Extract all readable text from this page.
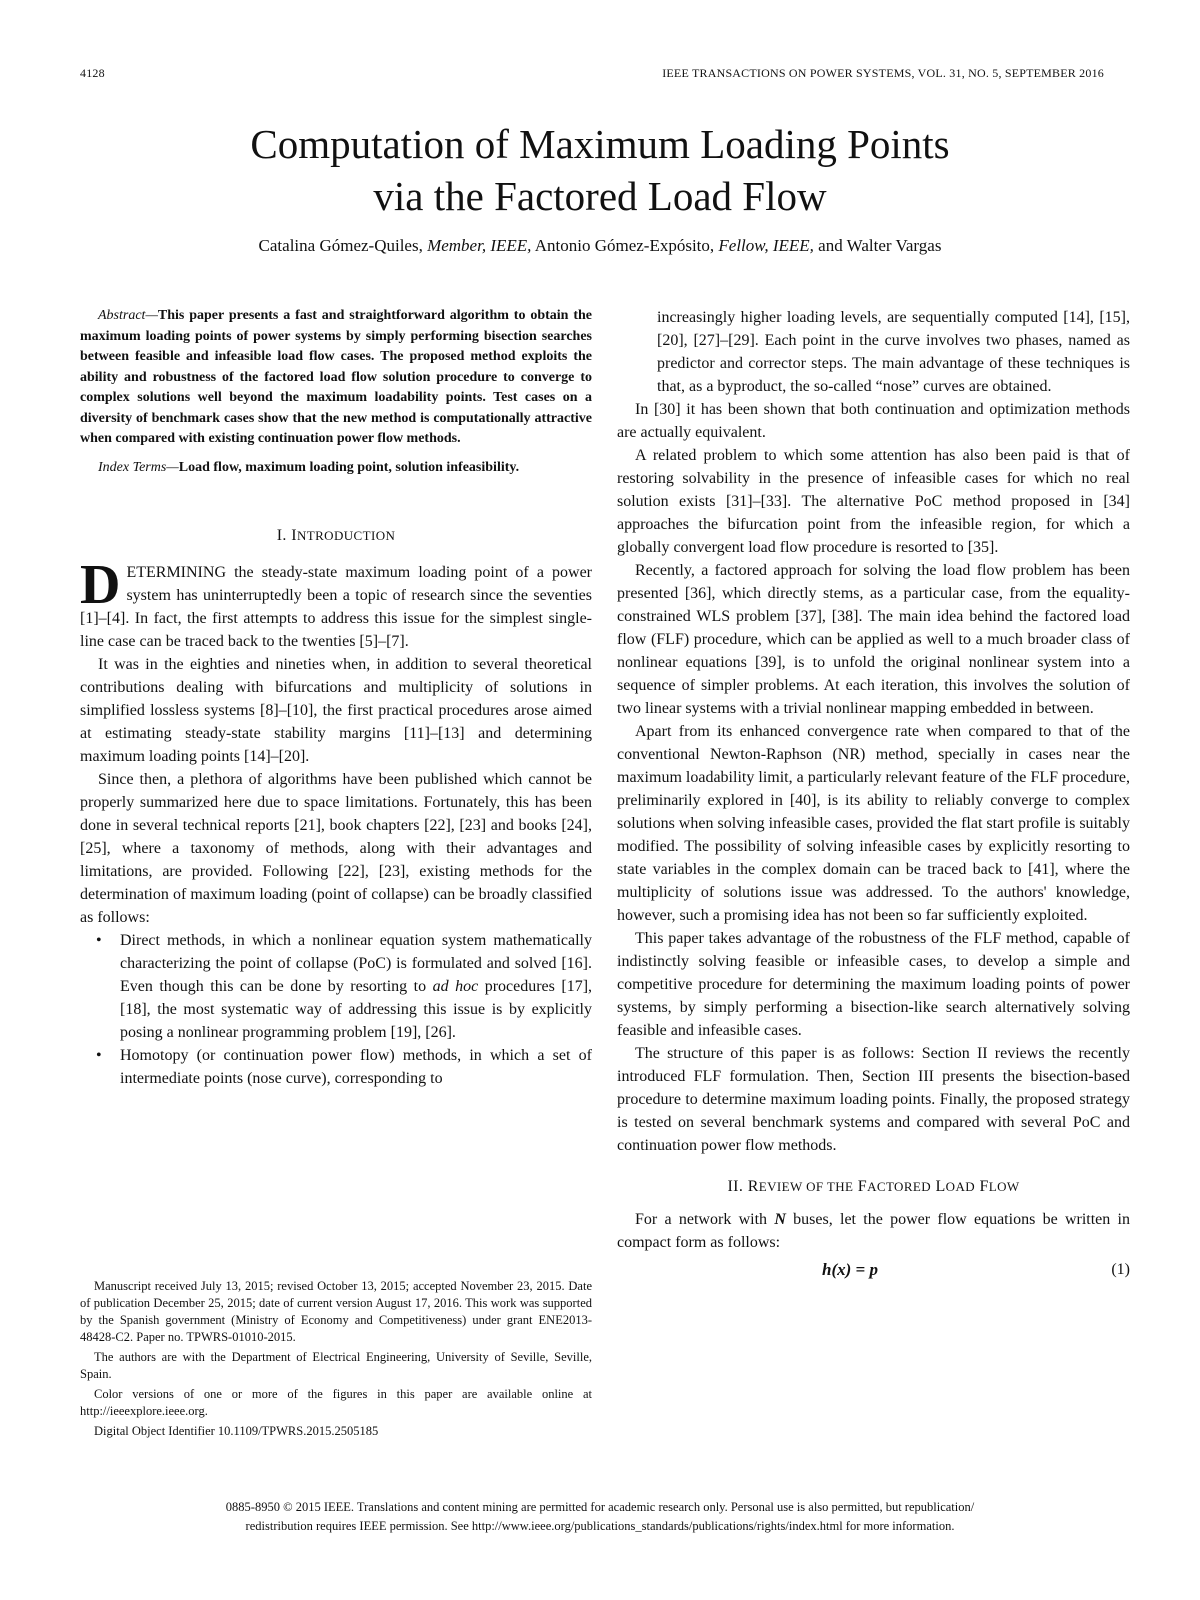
4128	IEEE TRANSACTIONS ON POWER SYSTEMS, VOL. 31, NO. 5, SEPTEMBER 2016
Computation of Maximum Loading Points
via the Factored Load Flow

Catalina Gómez-Quiles, Member, IEEE, Antonio Gómez-Expósito, Fellow, IEEE, and Walter Vargas

Abstract—This paper presents a fast and straightforward algorithm to obtain the maximum loading points of power systems by simply performing bisection searches between feasible and infeasible load flow cases. The proposed method exploits the ability and robustness of the factored load flow solution procedure to converge to complex solutions well beyond the maximum loadability points. Test cases on a diversity of benchmark cases show that the new method is computationally attractive when compared with existing continuation power flow methods.

Index Terms—Load flow, maximum loading point, solution infeasibility.

I. INTRODUCTION

DETERMINING the steady-state maximum loading point of a power system has uninterruptedly been a topic of research since the seventies [1]–[4]. In fact, the first attempts to address this issue for the simplest single-line case can be traced back to the twenties [5]–[7].

It was in the eighties and nineties when, in addition to several theoretical contributions dealing with bifurcations and multiplicity of solutions in simplified lossless systems [8]–[10], the first practical procedures arose aimed at estimating steady-state stability margins [11]–[13] and determining maximum loading points [14]–[20].

Since then, a plethora of algorithms have been published which cannot be properly summarized here due to space limitations. Fortunately, this has been done in several technical reports [21], book chapters [22], [23] and books [24], [25], where a taxonomy of methods, along with their advantages and limitations, are provided. Following [22], [23], existing methods for the determination of maximum loading (point of collapse) can be broadly classified as follows:

• Direct methods, in which a nonlinear equation system mathematically characterizing the point of collapse (PoC) is formulated and solved [16]. Even though this can be done by resorting to ad hoc procedures [17], [18], the most systematic way of addressing this issue is by explicitly posing a nonlinear programming problem [19], [26].
• Homotopy (or continuation power flow) methods, in which a set of intermediate points (nose curve), corresponding to

Manuscript received July 13, 2015; revised October 13, 2015; accepted November 23, 2015. Date of publication December 25, 2015; date of current version August 17, 2016. This work was supported by the Spanish government (Ministry of Economy and Competitiveness) under grant ENE2013-48428-C2. Paper no. TPWRS-01010-2015.

The authors are with the Department of Electrical Engineering, University of Seville, Seville, Spain.

Color versions of one or more of the figures in this paper are available online at http://ieeexplore.ieee.org.

Digital Object Identifier 10.1109/TPWRS.2015.2505185

increasingly higher loading levels, are sequentially computed [14], [15], [20], [27]–[29]. Each point in the curve involves two phases, named as predictor and corrector steps. The main advantage of these techniques is that, as a byproduct, the so-called “nose” curves are obtained.

In [30] it has been shown that both continuation and optimization methods are actually equivalent.

A related problem to which some attention has also been paid is that of restoring solvability in the presence of infeasible cases for which no real solution exists [31]–[33]. The alternative PoC method proposed in [34] approaches the bifurcation point from the infeasible region, for which a globally convergent load flow procedure is resorted to [35].

Recently, a factored approach for solving the load flow problem has been presented [36], which directly stems, as a particular case, from the equality-constrained WLS problem [37], [38]. The main idea behind the factored load flow (FLF) procedure, which can be applied as well to a much broader class of nonlinear equations [39], is to unfold the original nonlinear system into a sequence of simpler problems. At each iteration, this involves the solution of two linear systems with a trivial nonlinear mapping embedded in between.

Apart from its enhanced convergence rate when compared to that of the conventional Newton-Raphson (NR) method, specially in cases near the maximum loadability limit, a particularly relevant feature of the FLF procedure, preliminarily explored in [40], is its ability to reliably converge to complex solutions when solving infeasible cases, provided the flat start profile is suitably modified. The possibility of solving infeasible cases by explicitly resorting to state variables in the complex domain can be traced back to [41], where the multiplicity of solutions issue was addressed. To the authors' knowledge, however, such a promising idea has not been so far sufficiently exploited.

This paper takes advantage of the robustness of the FLF method, capable of indistinctly solving feasible or infeasible cases, to develop a simple and competitive procedure for determining the maximum loading points of power systems, by simply performing a bisection-like search alternatively solving feasible and infeasible cases.

The structure of this paper is as follows: Section II reviews the recently introduced FLF formulation. Then, Section III presents the bisection-based procedure to determine maximum loading points. Finally, the proposed strategy is tested on several benchmark systems and compared with several PoC and continuation power flow methods.

II. REVIEW OF THE FACTORED LOAD FLOW

For a network with N buses, let the power flow equations be written in compact form as follows:

h(x) = p	(1)
0885-8950 © 2015 IEEE. Translations and content mining are permitted for academic research only. Personal use is also permitted, but republication/
redistribution requires IEEE permission. See http://www.ieee.org/publications_standards/publications/rights/index.html for more information.
